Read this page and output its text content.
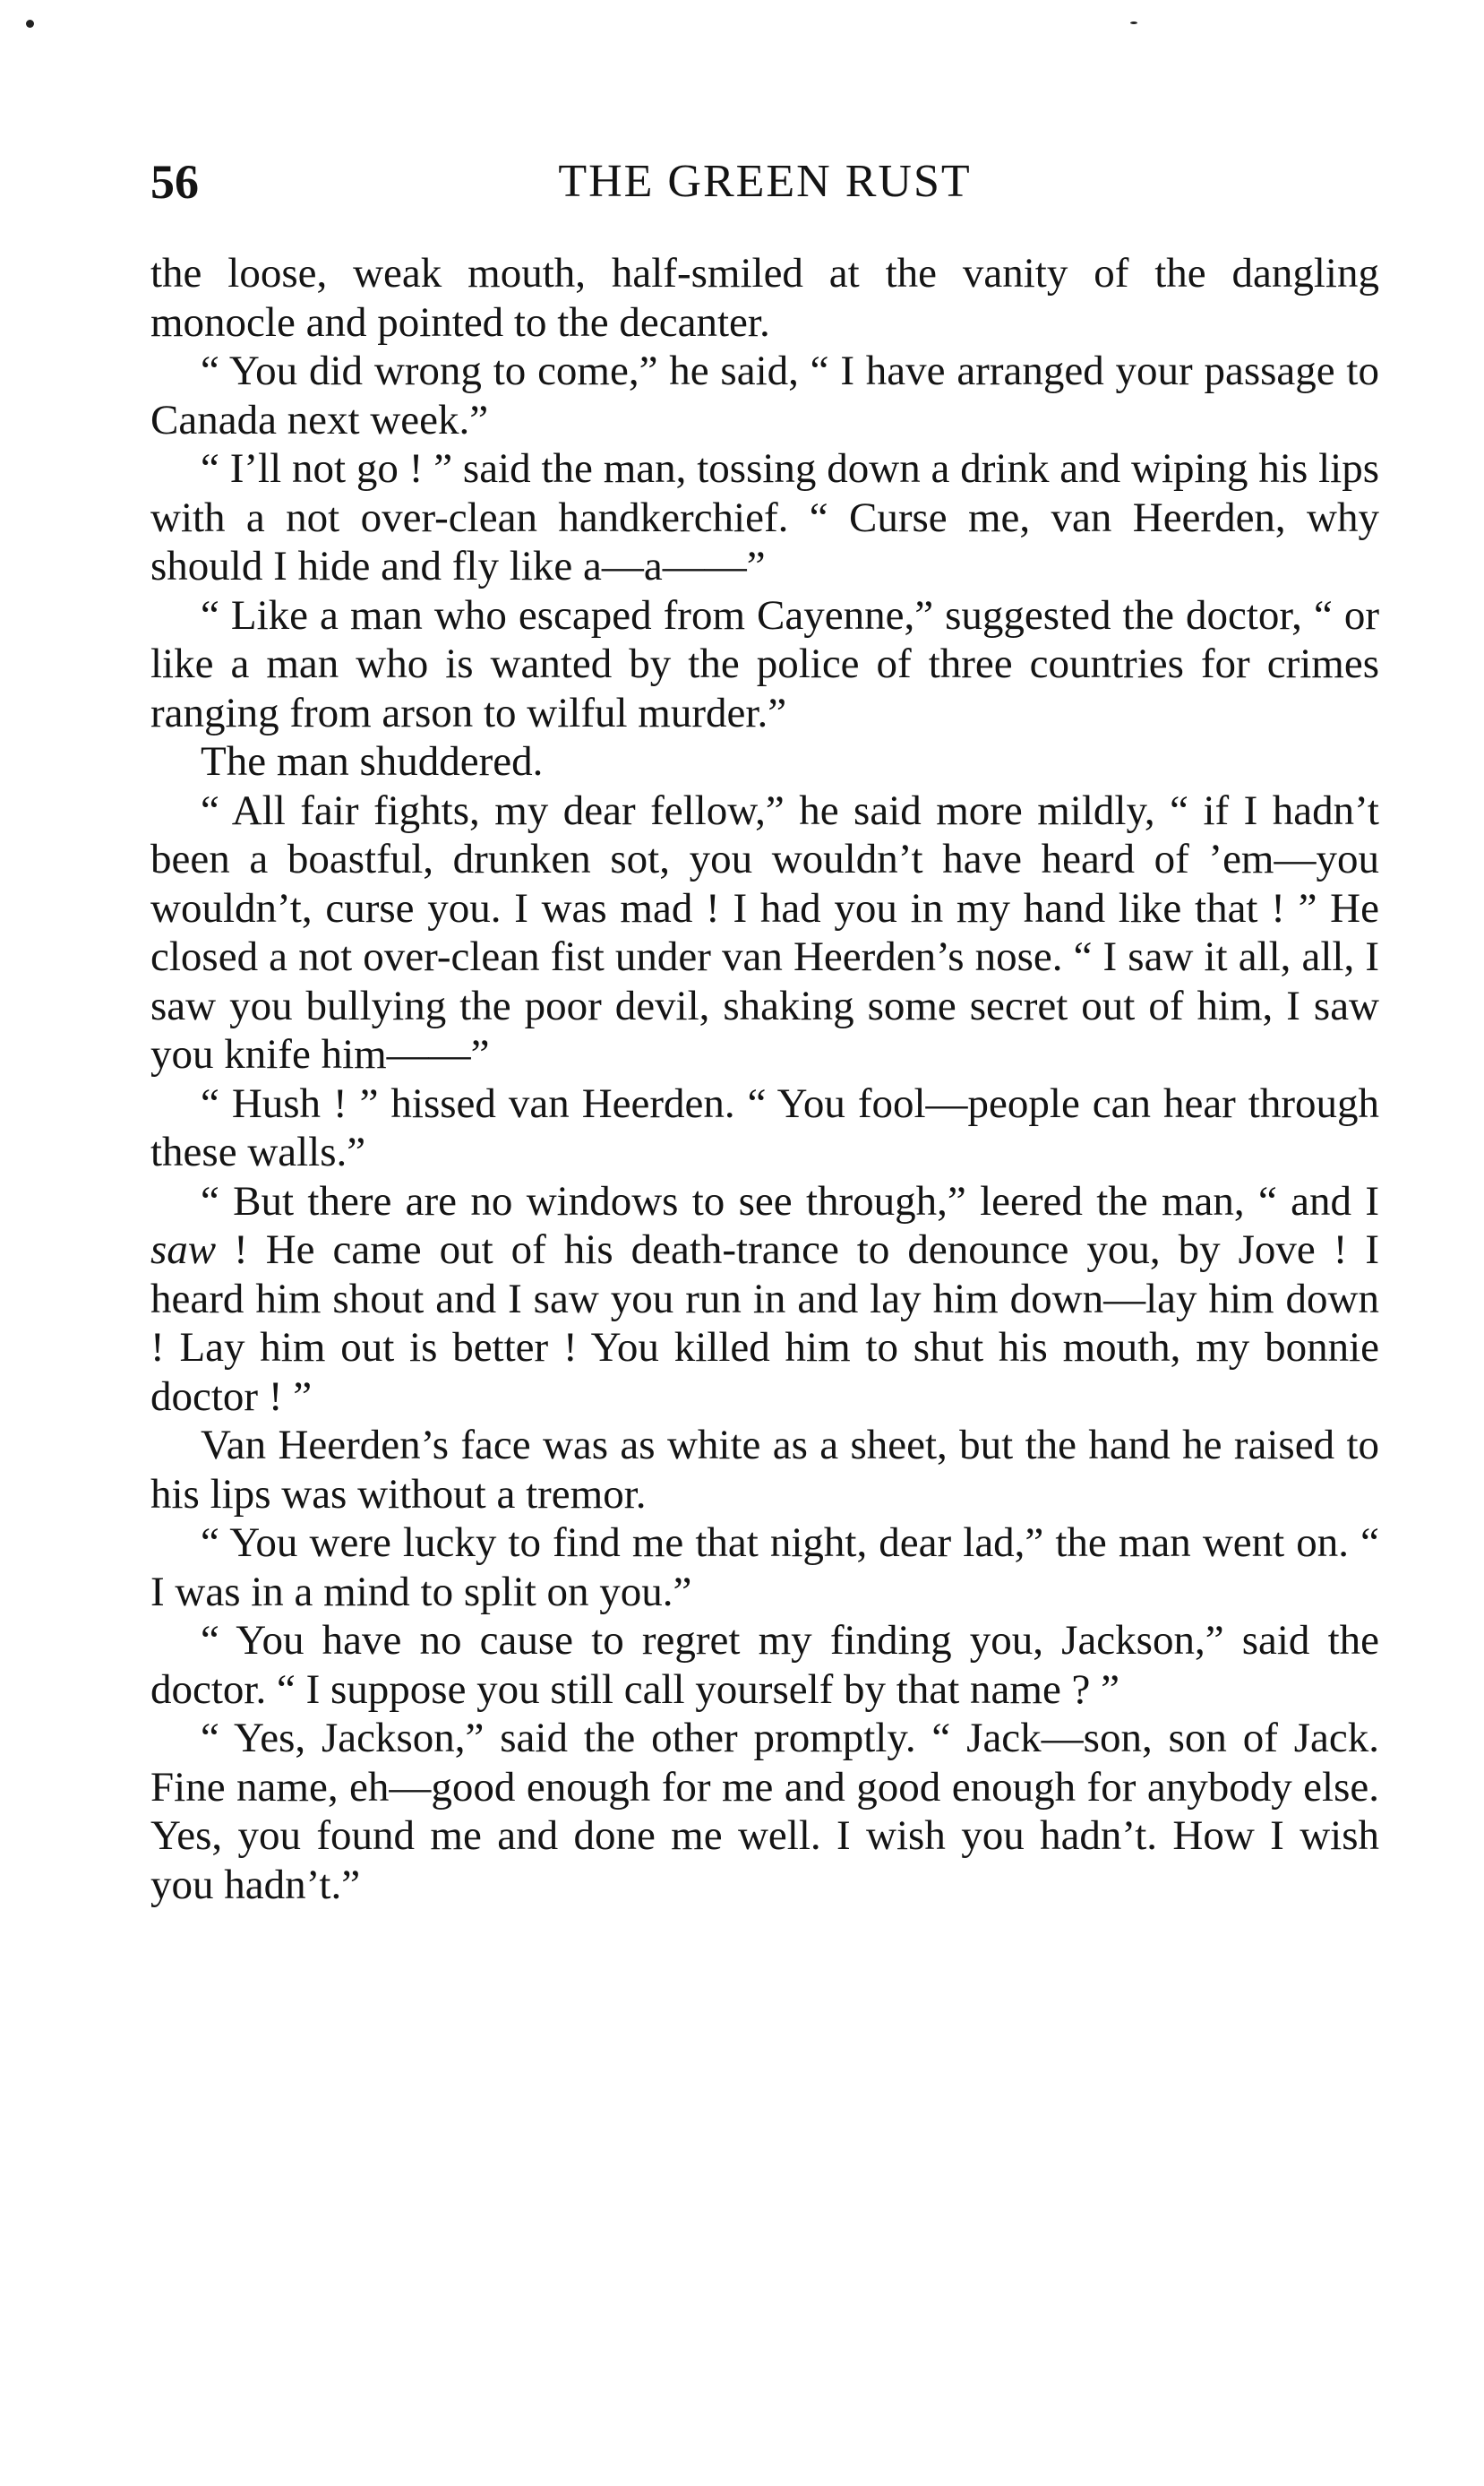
56	THE GREEN RUST

the loose, weak mouth, half-smiled at the vanity of the dangling monocle and pointed to the decanter.

“ You did wrong to come,” he said, “ I have arranged your passage to Canada next week.”

“ I’ll not go ! ” said the man, tossing down a drink and wiping his lips with a not over-clean handkerchief. “ Curse me, van Heerden, why should I hide and fly like a—a——”

“ Like a man who escaped from Cayenne,” suggested the doctor, “ or like a man who is wanted by the police of three countries for crimes ranging from arson to wilful murder.”

The man shuddered.

“ All fair fights, my dear fellow,” he said more mildly, “ if I hadn’t been a boastful, drunken sot, you wouldn’t have heard of ’em—you wouldn’t, curse you. I was mad ! I had you in my hand like that ! ” He closed a not over-clean fist under van Heerden’s nose. “ I saw it all, all, I saw you bullying the poor devil, shaking some secret out of him, I saw you knife him——”

“ Hush ! ” hissed van Heerden. “ You fool—people can hear through these walls.”

“ But there are no windows to see through,” leered the man, “ and I saw ! He came out of his death-trance to denounce you, by Jove ! I heard him shout and I saw you run in and lay him down—lay him down ! Lay him out is better ! You killed him to shut his mouth, my bonnie doctor ! ”

Van Heerden’s face was as white as a sheet, but the hand he raised to his lips was without a tremor.

“ You were lucky to find me that night, dear lad,” the man went on. “ I was in a mind to split on you.”

“ You have no cause to regret my finding you, Jackson,” said the doctor. “ I suppose you still call yourself by that name ? ”

“ Yes, Jackson,” said the other promptly. “ Jack—son, son of Jack. Fine name, eh—good enough for me and good enough for anybody else. Yes, you found me and done me well. I wish you hadn’t. How I wish you hadn’t.”
